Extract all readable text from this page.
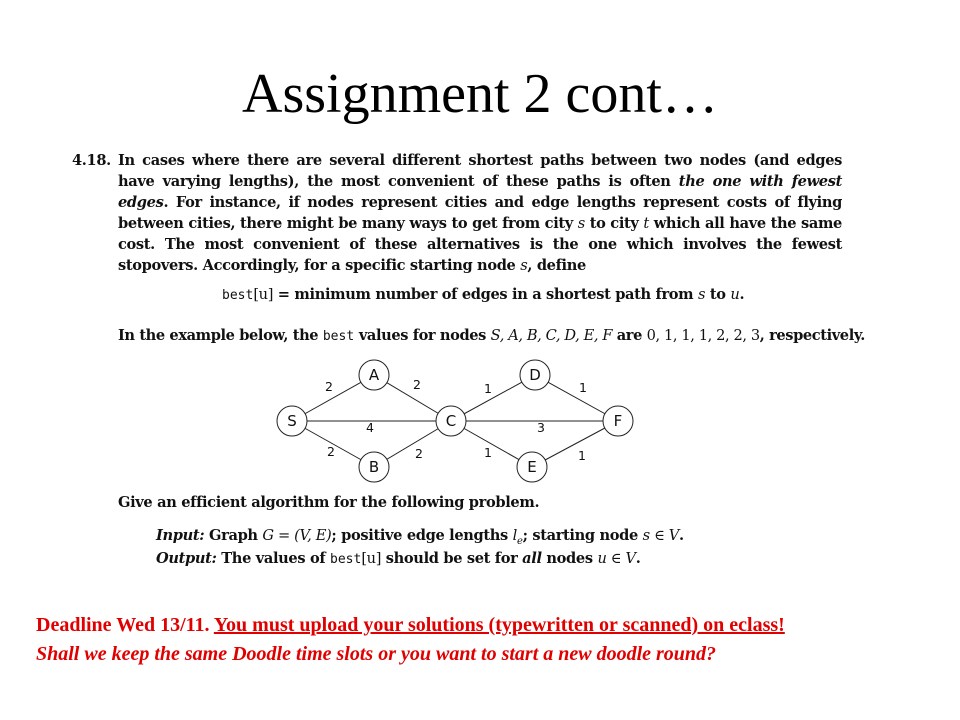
Assignment 2 cont…
4.18. In cases where there are several different shortest paths between two nodes (and edges have varying lengths), the most convenient of these paths is often the one with fewest edges. For instance, if nodes represent cities and edge lengths represent costs of flying between cities, there might be many ways to get from city s to city t which all have the same cost. The most convenient of these alternatives is the one which involves the fewest stopovers. Accordingly, for a specific starting node s, define
best[u] = minimum number of edges in a shortest path from s to u.
In the example below, the best values for nodes S, A, B, C, D, E, F are 0, 1, 1, 1, 2, 2, 3, respectively.
2	2
4
2	2
1	1
3
1	1
S
A
B
C
D
E
F
Give an efficient algorithm for the following problem.
Input: Graph G = (V, E); positive edge lengths $l_e$; starting node s ∈ V.
Output: The values of best[u] should be set for all nodes u ∈ V.
Deadline Wed 13/11. You must upload your solutions (typewritten or scanned) on eclass!
Shall we keep the same Doodle time slots or you want to start a new doodle round?
